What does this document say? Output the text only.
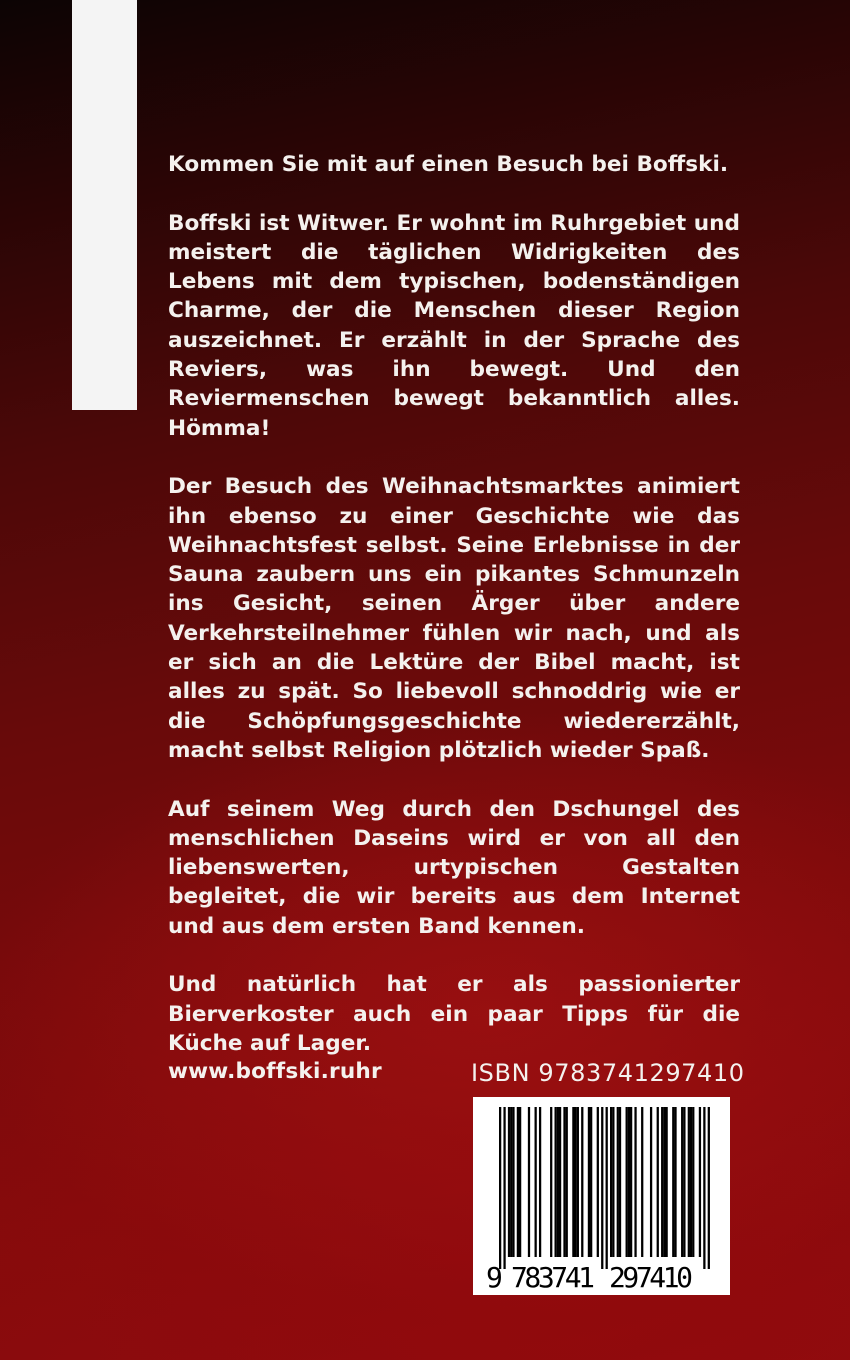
Kommen Sie mit auf einen Besuch bei Boffski.

Boffski ist Witwer. Er wohnt im Ruhrgebiet und meistert die täglichen Widrigkeiten des Lebens mit dem typischen, bodenständigen Charme, der die Menschen dieser Region auszeichnet. Er erzählt in der Sprache des Reviers, was ihn bewegt. Und den Reviermenschen bewegt bekanntlich alles. Hömma!

Der Besuch des Weihnachtsmarktes animiert ihn ebenso zu einer Geschichte wie das Weihnachtsfest selbst. Seine Erlebnisse in der Sauna zaubern uns ein pikantes Schmunzeln ins Gesicht, seinen Ärger über andere Verkehrsteilnehmer fühlen wir nach, und als er sich an die Lektüre der Bibel macht, ist alles zu spät. So liebevoll schnoddrig wie er die Schöpfungsgeschichte wiedererzählt, macht selbst Religion plötzlich wieder Spaß.

Auf seinem Weg durch den Dschungel des menschlichen Daseins wird er von all den liebenswerten, urtypischen Gestalten begleitet, die wir bereits aus dem Internet und aus dem ersten Band kennen.

Und natürlich hat er als passionierter Bierverkoster auch ein paar Tipps für die Küche auf Lager.

www.boffski.ruhr	ISBN 9783741297410
9 783741 297410
